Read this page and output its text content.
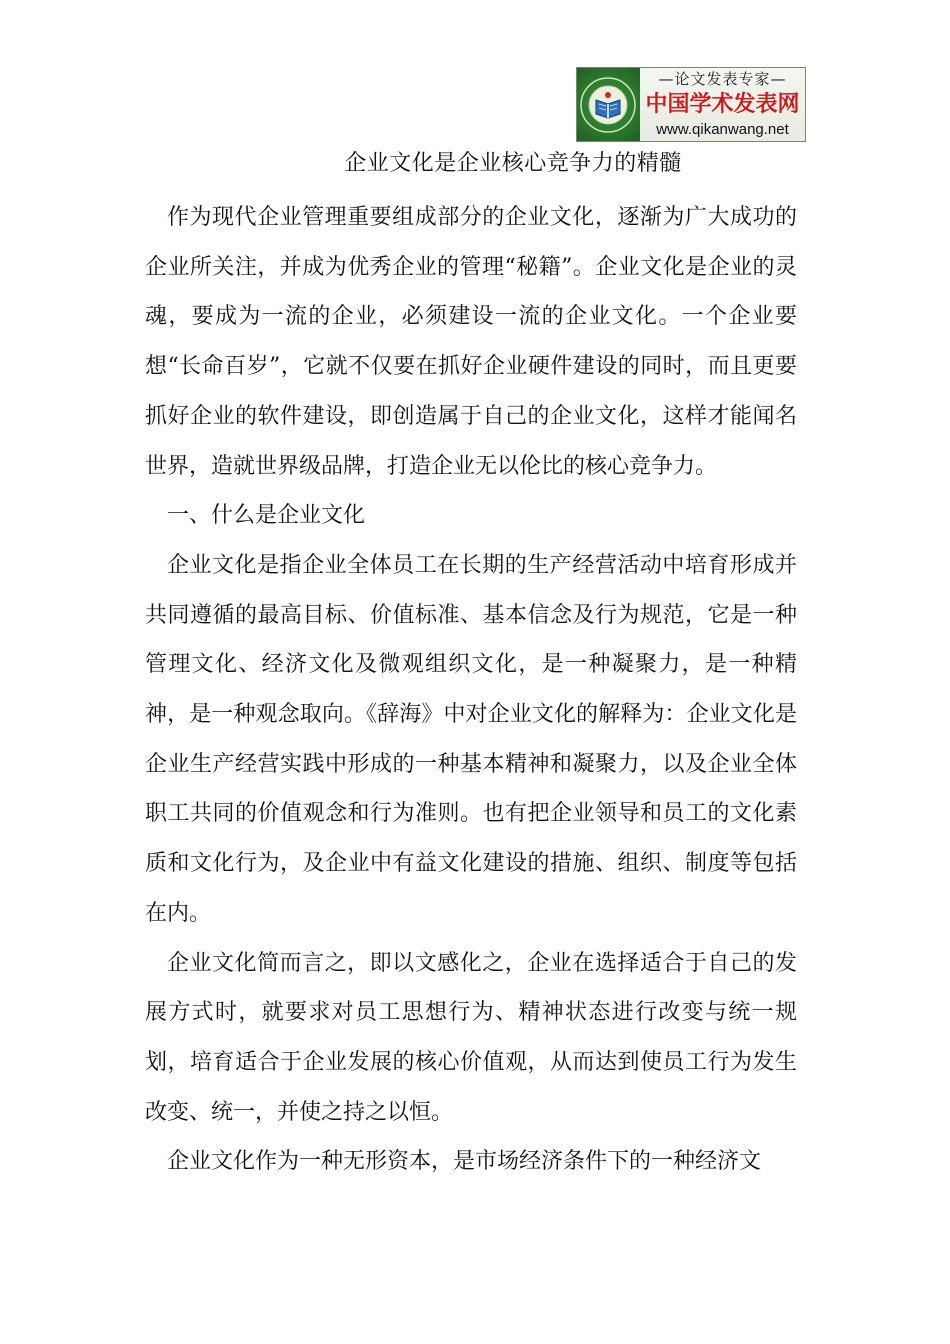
—论文发表专家—
中国学术发表网
www.qikanwang.net
企业文化是企业核心竞争力的精髓

作为现代企业管理重要组成部分的企业文化，逐渐为广大成功的企业所关注，并成为优秀企业的管理“秘籍”。企业文化是企业的灵魂，要成为一流的企业，必须建设一流的企业文化。一个企业要想“长命百岁”，它就不仅要在抓好企业硬件建设的同时，而且更要抓好企业的软件建设，即创造属于自己的企业文化，这样才能闻名世界，造就世界级品牌，打造企业无以伦比的核心竞争力。

一、什么是企业文化

企业文化是指企业全体员工在长期的生产经营活动中培育形成并共同遵循的最高目标、价值标准、基本信念及行为规范，它是一种管理文化、经济文化及微观组织文化，是一种凝聚力，是一种精神，是一种观念取向。《辞海》中对企业文化的解释为：企业文化是企业生产经营实践中形成的一种基本精神和凝聚力，以及企业全体职工共同的价值观念和行为准则。也有把企业领导和员工的文化素质和文化行为，及企业中有益文化建设的措施、组织、制度等包括在内。

企业文化简而言之，即以文感化之，企业在选择适合于自己的发展方式时，就要求对员工思想行为、精神状态进行改变与统一规划，培育适合于企业发展的核心价值观，从而达到使员工行为发生改变、统一，并使之持之以恒。

企业文化作为一种无形资本，是市场经济条件下的一种经济文
